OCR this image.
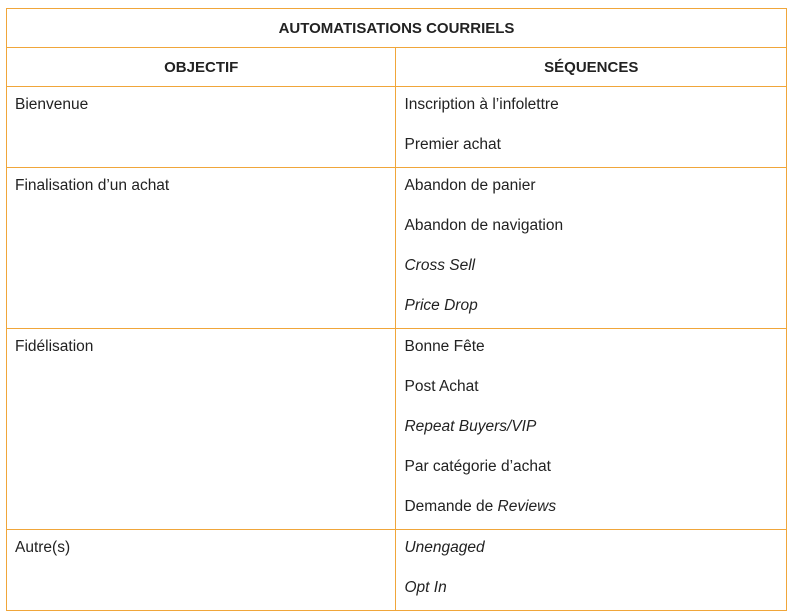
AUTOMATISATIONS COURRIELS	
OBJECTIF	SÉQUENCES

Bienvenue	Inscription à l’infolettre
Premier achat

Finalisation d’un achat	Abandon de panier
Abandon de navigation
Cross Sell
Price Drop

Fidélisation	Bonne Fête
Post Achat
Repeat Buyers/VIP
Par catégorie d’achat
Demande de Reviews

Autre(s)	Unengaged
Opt In
